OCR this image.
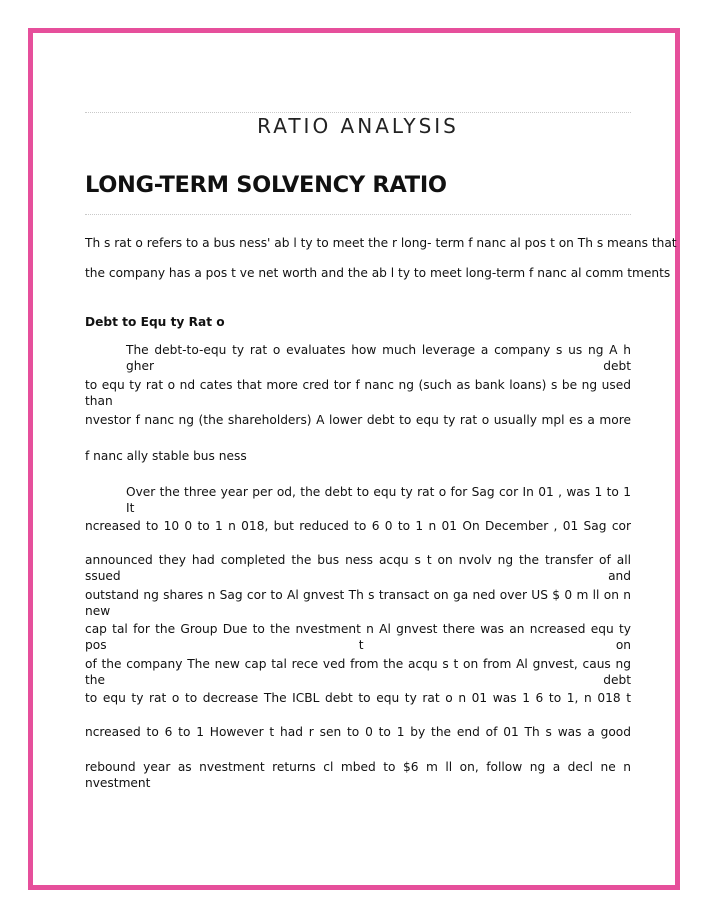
RATIO ANALYSIS
LONG-TERM SOLVENCY RATIO
Th s rat o refers to a bus ness' ab l ty to meet the r long- term f nanc al pos t on Th s means that
the company has a pos t ve net worth and the ab l ty to meet long-term f nanc al comm tments
Debt to Equ ty Rat o
The debt-to-equ ty rat o evaluates how much leverage a company s us ng A h gher debt
to equ ty rat o nd cates that more cred tor f nanc ng (such as bank loans) s be ng used than
nvestor f nanc ng (the shareholders) A lower debt to equ ty rat o usually mpl es a more
f nanc ally stable bus ness
Over the three year per od, the debt to equ ty rat o for Sag cor In 01 , was 1 to 1 It
ncreased to 10 0 to 1 n 018, but reduced to 6 0 to 1 n 01 On December , 01 Sag cor
announced they had completed the bus ness acqu s t on nvolv ng the transfer of all ssued and
outstand ng shares n Sag cor to Al gnvest Th s transact on ga ned over US $ 0 m ll on n new
cap tal for the Group Due to the nvestment n Al gnvest there was an ncreased equ ty pos t on
of the company The new cap tal rece ved from the acqu s t on from Al gnvest, caus ng the debt
to equ ty rat o to decrease The ICBL debt to equ ty rat o n 01 was 1 6 to 1, n 018 t
ncreased to 6 to 1 However t had r sen to 0 to 1 by the end of 01 Th s was a good
rebound year as nvestment returns cl mbed to $6 m ll on, follow ng a decl ne n nvestment
